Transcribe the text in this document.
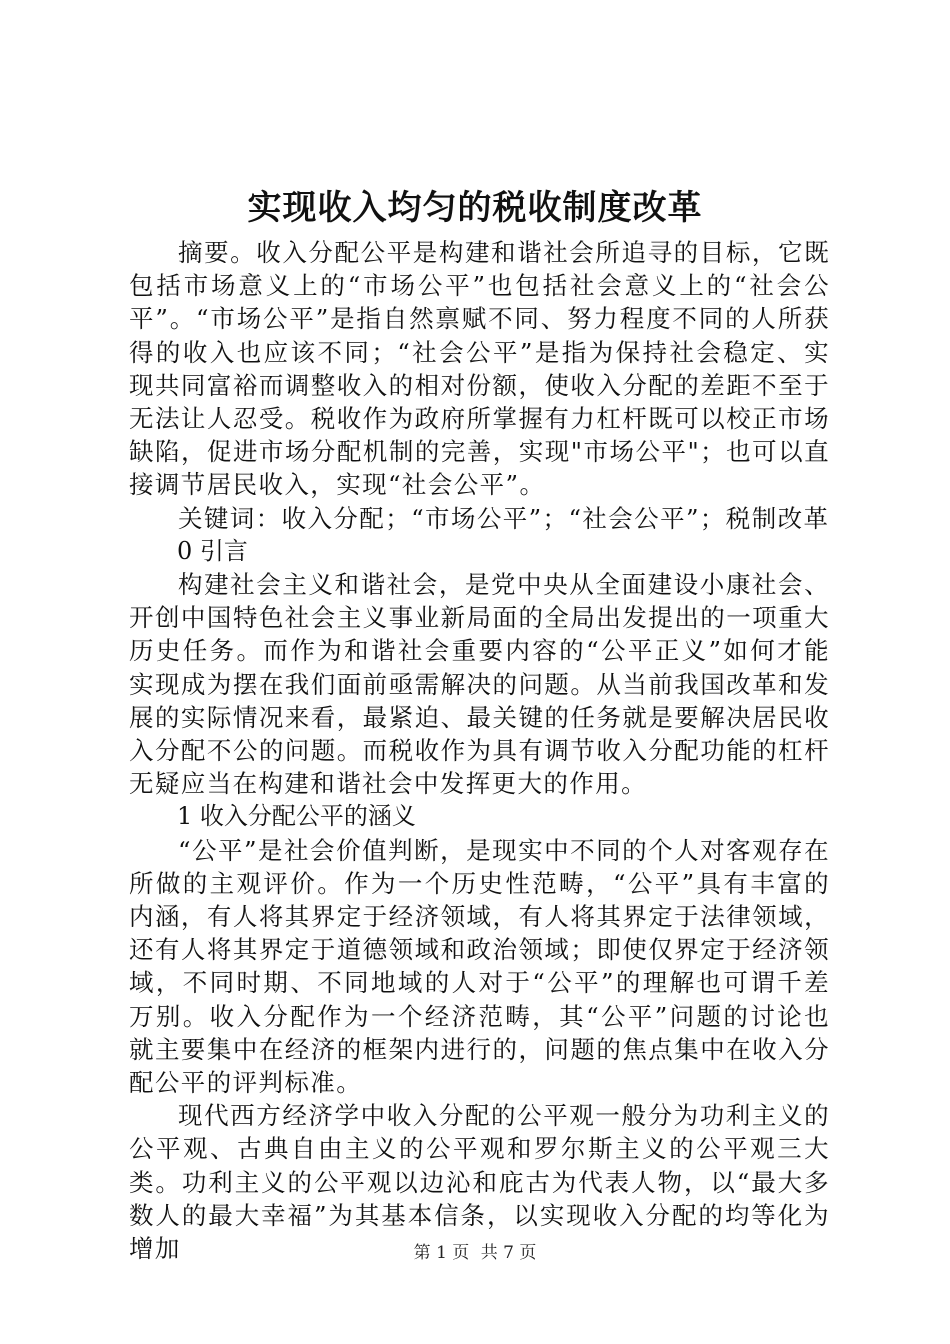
实现收入均匀的税收制度改革

摘要。收入分配公平是构建和谐社会所追寻的目标，它既包括市场意义上的“市场公平”也包括社会意义上的“社会公平”。“市场公平”是指自然禀赋不同、努力程度不同的人所获得的收入也应该不同；“社会公平”是指为保持社会稳定、实现共同富裕而调整收入的相对份额，使收入分配的差距不至于无法让人忍受。税收作为政府所掌握有力杠杆既可以校正市场缺陷，促进市场分配机制的完善，实现"市场公平"；也可以直接调节居民收入，实现“社会公平”。

关键词：收入分配；“市场公平”；“社会公平”；税制改革

0 引言

构建社会主义和谐社会，是党中央从全面建设小康社会、开创中国特色社会主义事业新局面的全局出发提出的一项重大历史任务。而作为和谐社会重要内容的“公平正义”如何才能实现成为摆在我们面前亟需解决的问题。从当前我国改革和发展的实际情况来看，最紧迫、最关键的任务就是要解决居民收入分配不公的问题。而税收作为具有调节收入分配功能的杠杆无疑应当在构建和谐社会中发挥更大的作用。

1 收入分配公平的涵义

“公平”是社会价值判断，是现实中不同的个人对客观存在所做的主观评价。作为一个历史性范畴，“公平”具有丰富的内涵，有人将其界定于经济领域，有人将其界定于法律领域，还有人将其界定于道德领域和政治领域；即使仅界定于经济领域，不同时期、不同地域的人对于“公平”的理解也可谓千差万别。收入分配作为一个经济范畴，其“公平”问题的讨论也就主要集中在经济的框架内进行的，问题的焦点集中在收入分配公平的评判标准。

现代西方经济学中收入分配的公平观一般分为功利主义的公平观、古典自由主义的公平观和罗尔斯主义的公平观三大类。功利主义的公平观以边沁和庇古为代表人物，以“最大多数人的最大幸福”为其基本信条，以实现收入分配的均等化为增加	第 1 页 共 7 页
